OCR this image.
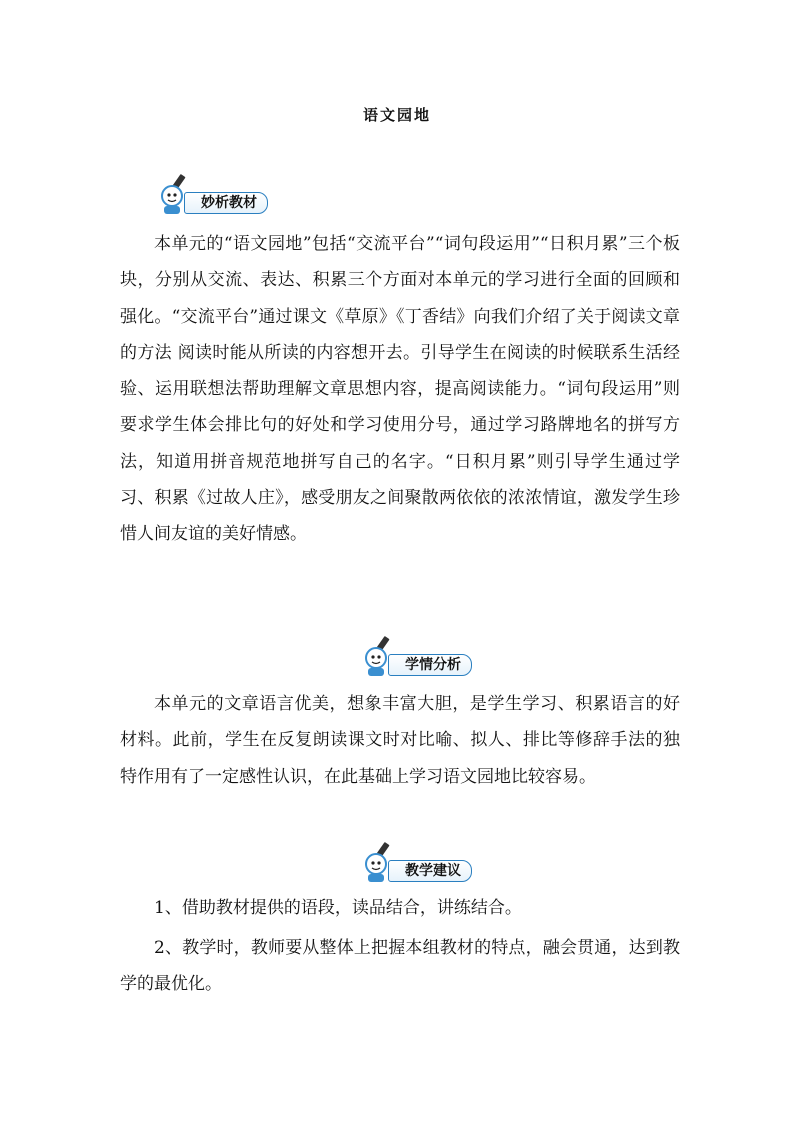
语文园地
妙析教材

本单元的“语文园地”包括“交流平台”“词句段运用”“日积月累”三个板块，分别从交流、表达、积累三个方面对本单元的学习进行全面的回顾和强化。“交流平台”通过课文《草原》《丁香结》向我们介绍了关于阅读文章的方法 阅读时能从所读的内容想开去。引导学生在阅读的时候联系生活经验、运用联想法帮助理解文章思想内容，提高阅读能力。“词句段运用”则要求学生体会排比句的好处和学习使用分号，通过学习路牌地名的拼写方法，知道用拼音规范地拼写自己的名字。“日积月累”则引导学生通过学习、积累《过故人庄》，感受朋友之间聚散两依依的浓浓情谊，激发学生珍惜人间友谊的美好情感。

学情分析

本单元的文章语言优美，想象丰富大胆，是学生学习、积累语言的好材料。此前，学生在反复朗读课文时对比喻、拟人、排比等修辞手法的独特作用有了一定感性认识，在此基础上学习语文园地比较容易。

教学建议

1、借助教材提供的语段，读品结合，讲练结合。

2、教学时，教师要从整体上把握本组教材的特点，融会贯通，达到教学的最优化。
